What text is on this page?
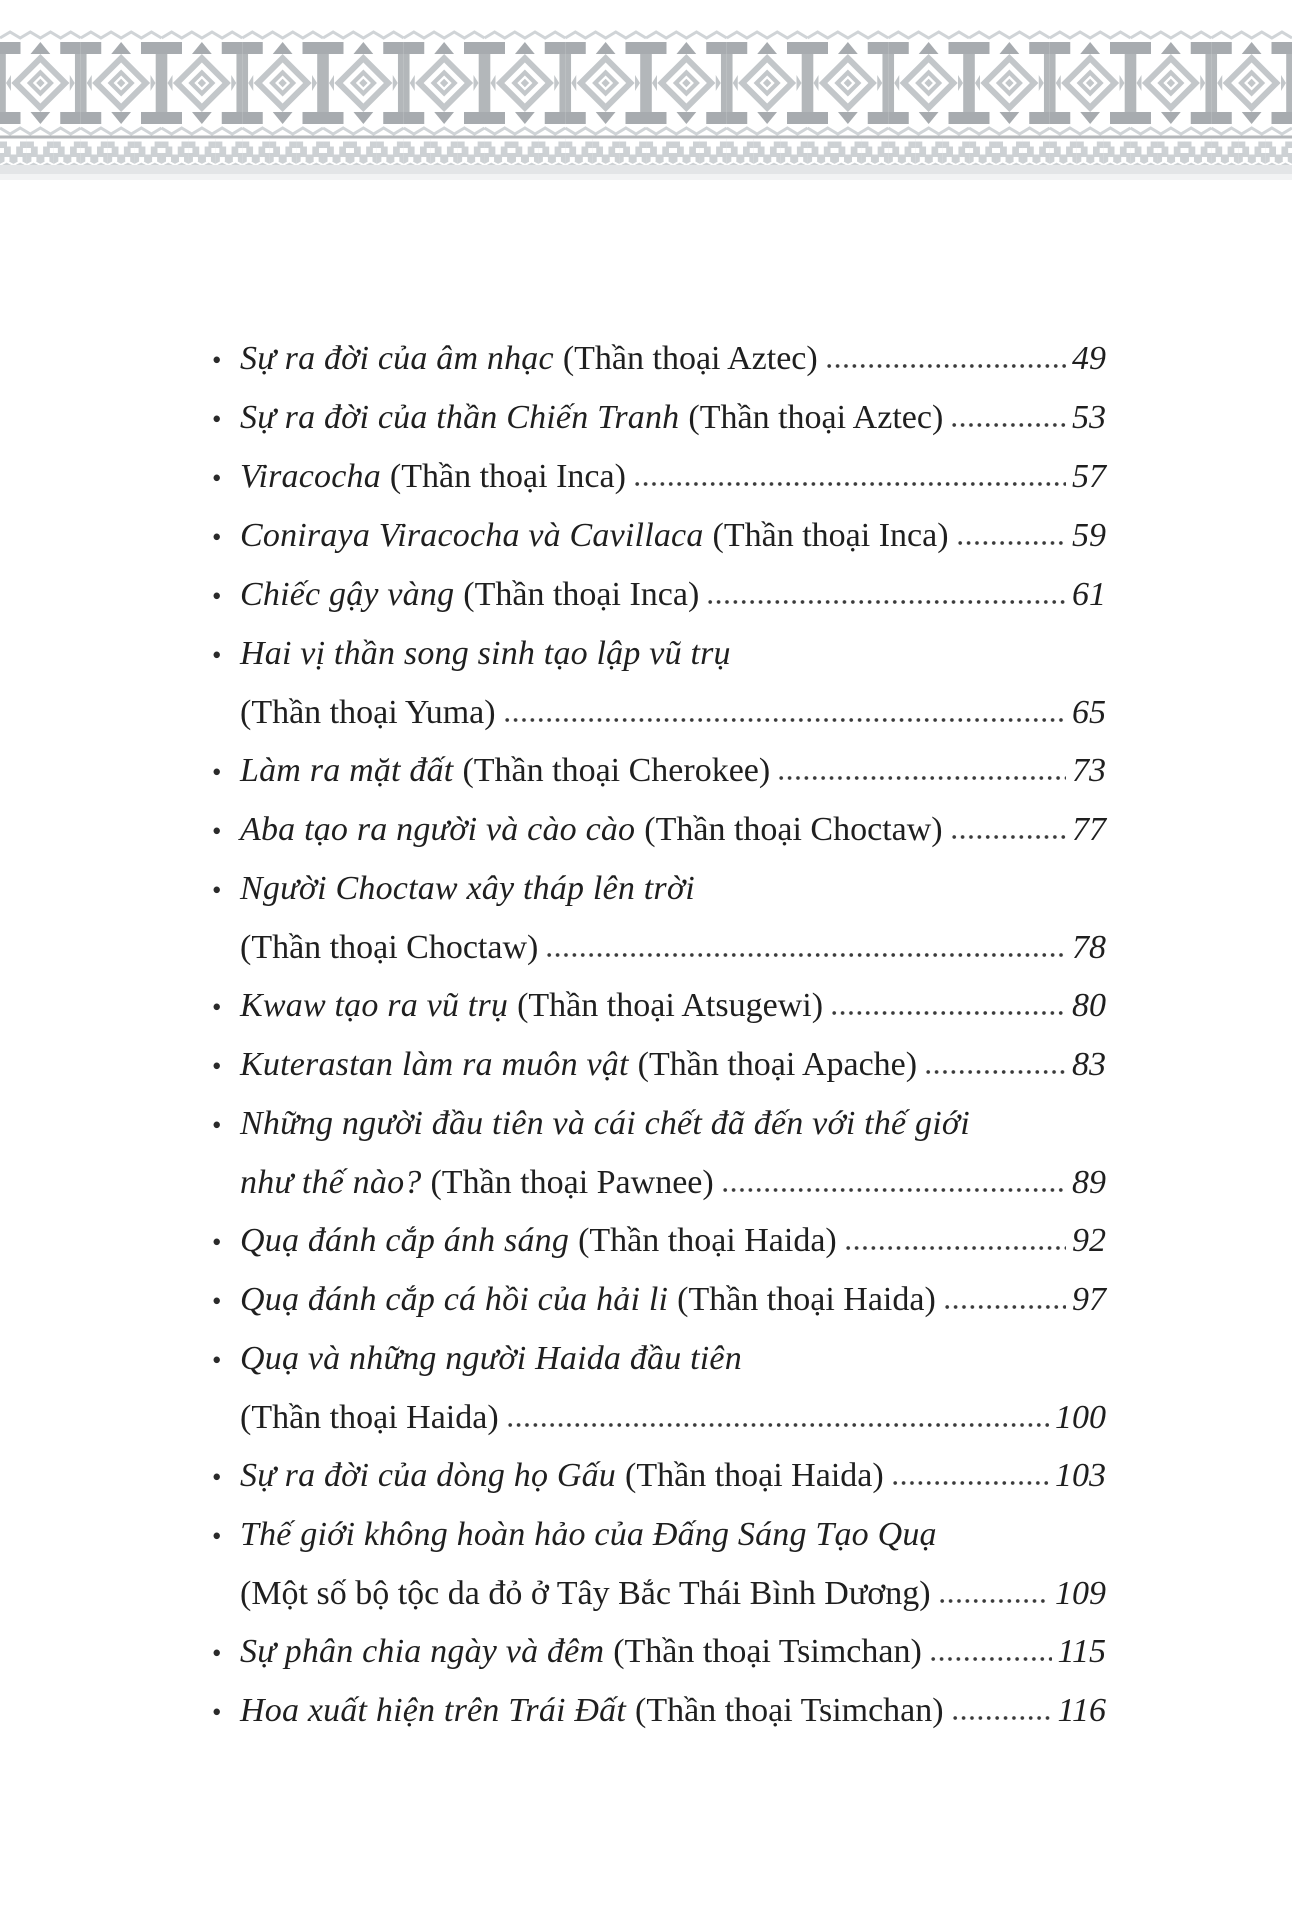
• Sự ra đời của âm nhạc (Thần thoại Aztec)	49
• Sự ra đời của thần Chiến Tranh (Thần thoại Aztec)	53
• Viracocha (Thần thoại Inca)	57
• Coniraya Viracocha và Cavillaca (Thần thoại Inca)	59
• Chiếc gậy vàng (Thần thoại Inca)	61
• Hai vị thần song sinh tạo lập vũ trụ
(Thần thoại Yuma)	65
• Làm ra mặt đất (Thần thoại Cherokee)	73
• Aba tạo ra người và cào cào (Thần thoại Choctaw)	77
• Người Choctaw xây tháp lên trời
(Thần thoại Choctaw)	78
• Kwaw tạo ra vũ trụ (Thần thoại Atsugewi)	80
• Kuterastan làm ra muôn vật (Thần thoại Apache)	83
• Những người đầu tiên và cái chết đã đến với thế giới
như thế nào? (Thần thoại Pawnee)	89
• Quạ đánh cắp ánh sáng (Thần thoại Haida)	92
• Quạ đánh cắp cá hồi của hải li (Thần thoại Haida)	97
• Quạ và những người Haida đầu tiên
(Thần thoại Haida)	100
• Sự ra đời của dòng họ Gấu (Thần thoại Haida)	103
• Thế giới không hoàn hảo của Đấng Sáng Tạo Quạ
(Một số bộ tộc da đỏ ở Tây Bắc Thái Bình Dương)	109
• Sự phân chia ngày và đêm (Thần thoại Tsimchan)	115
• Hoa xuất hiện trên Trái Đất (Thần thoại Tsimchan)	116
